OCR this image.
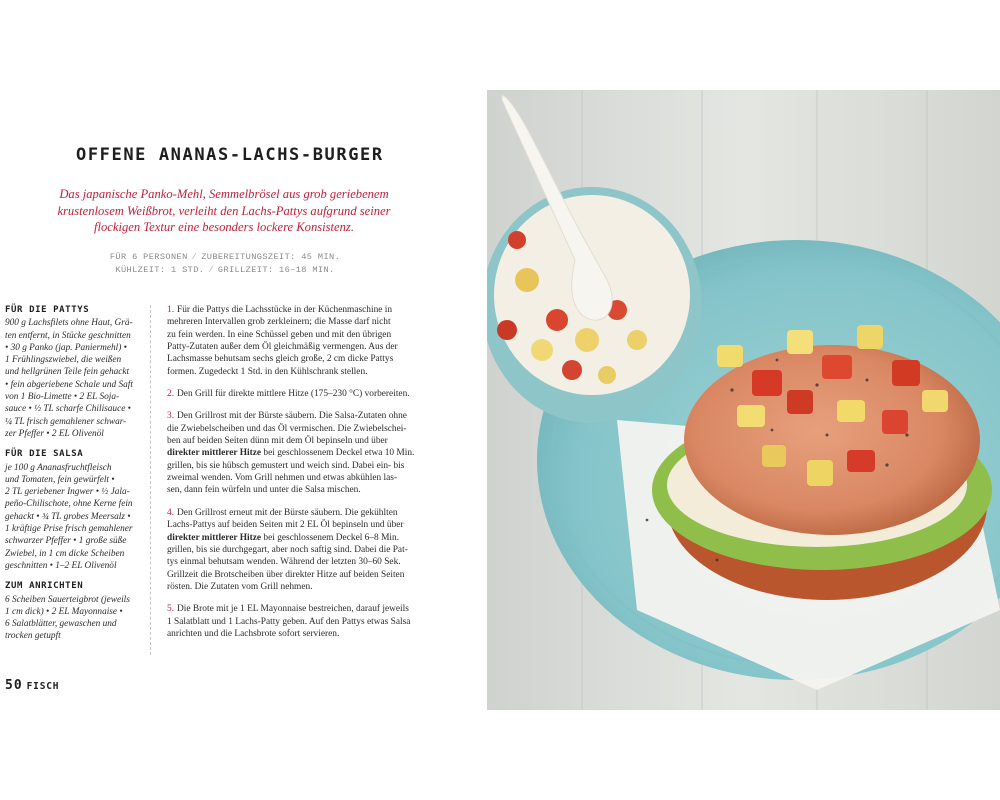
OFFENE ANANAS-LACHS-BURGER
Das japanische Panko-Mehl, Semmelbrösel aus grob geriebenem
krustenlosem Weißbrot, verleiht den Lachs-Pattys aufgrund seiner
flockigen Textur eine besonders lockere Konsistenz.
FÜR 6 PERSONEN / ZUBEREITUNGSZEIT: 45 MIN.
KÜHLZEIT: 1 STD. / GRILLZEIT: 16–18 MIN.
FÜR DIE PATTYS
900 g Lachsfilets ohne Haut, Grä-
ten entfernt, in Stücke geschnitten
• 30 g Panko (jap. Paniermehl) •
1 Frühlingszwiebel, die weißen
und hellgrünen Teile fein gehackt
• fein abgeriebene Schale und Saft
von 1 Bio-Limette • 2 EL Soja-
sauce • ½ TL scharfe Chilisauce •
¼ TL frisch gemahlener schwar-
zer Pfeffer • 2 EL Olivenöl
FÜR DIE SALSA
je 100 g Ananasfruchtfleisch
und Tomaten, fein gewürfelt •
2 TL geriebener Ingwer • ½ Jala-
peño-Chilischote, ohne Kerne fein
gehackt • ¾ TL grobes Meersalz •
1 kräftige Prise frisch gemahlener
schwarzer Pfeffer • 1 große süße
Zwiebel, in 1 cm dicke Scheiben
geschnitten • 1–2 EL Olivenöl
ZUM ANRICHTEN
6 Scheiben Sauerteigbrot (jeweils
1 cm dick) • 2 EL Mayonnaise •
6 Salatblätter, gewaschen und
trocken getupft
1. Für die Pattys die Lachsstücke in der Küchenmaschine in
mehreren Intervallen grob zerkleinern; die Masse darf nicht
zu fein werden. In eine Schüssel geben und mit den übrigen
Patty-Zutaten außer dem Öl gleichmäßig vermengen. Aus der
Lachsmasse behutsam sechs gleich große, 2 cm dicke Pattys
formen. Zugedeckt 1 Std. in den Kühlschrank stellen.
2. Den Grill für direkte mittlere Hitze (175–230 °C) vorbereiten.
3. Den Grillrost mit der Bürste säubern. Die Salsa-Zutaten ohne
die Zwiebelscheiben und das Öl vermischen. Die Zwiebelschei-
ben auf beiden Seiten dünn mit dem Öl bepinseln und über
direkter mittlerer Hitze bei geschlossenem Deckel etwa 10 Min.
grillen, bis sie hübsch gemustert und weich sind. Dabei ein- bis
zweimal wenden. Vom Grill nehmen und etwas abkühlen las-
sen, dann fein würfeln und unter die Salsa mischen.
4. Den Grillrost erneut mit der Bürste säubern. Die gekühlten
Lachs-Pattys auf beiden Seiten mit 2 EL Öl bepinseln und über
direkter mittlerer Hitze bei geschlossenem Deckel 6–8 Min.
grillen, bis sie durchgegart, aber noch saftig sind. Dabei die Pat-
tys einmal behutsam wenden. Während der letzten 30–60 Sek.
Grillzeit die Brotscheiben über direkter Hitze auf beiden Seiten
rösten. Die Zutaten vom Grill nehmen.
5. Die Brote mit je 1 EL Mayonnaise bestreichen, darauf jeweils
1 Salatblatt und 1 Lachs-Patty geben. Auf den Pattys etwas Salsa
anrichten und die Lachsbrote sofort servieren.
50 FISCH
